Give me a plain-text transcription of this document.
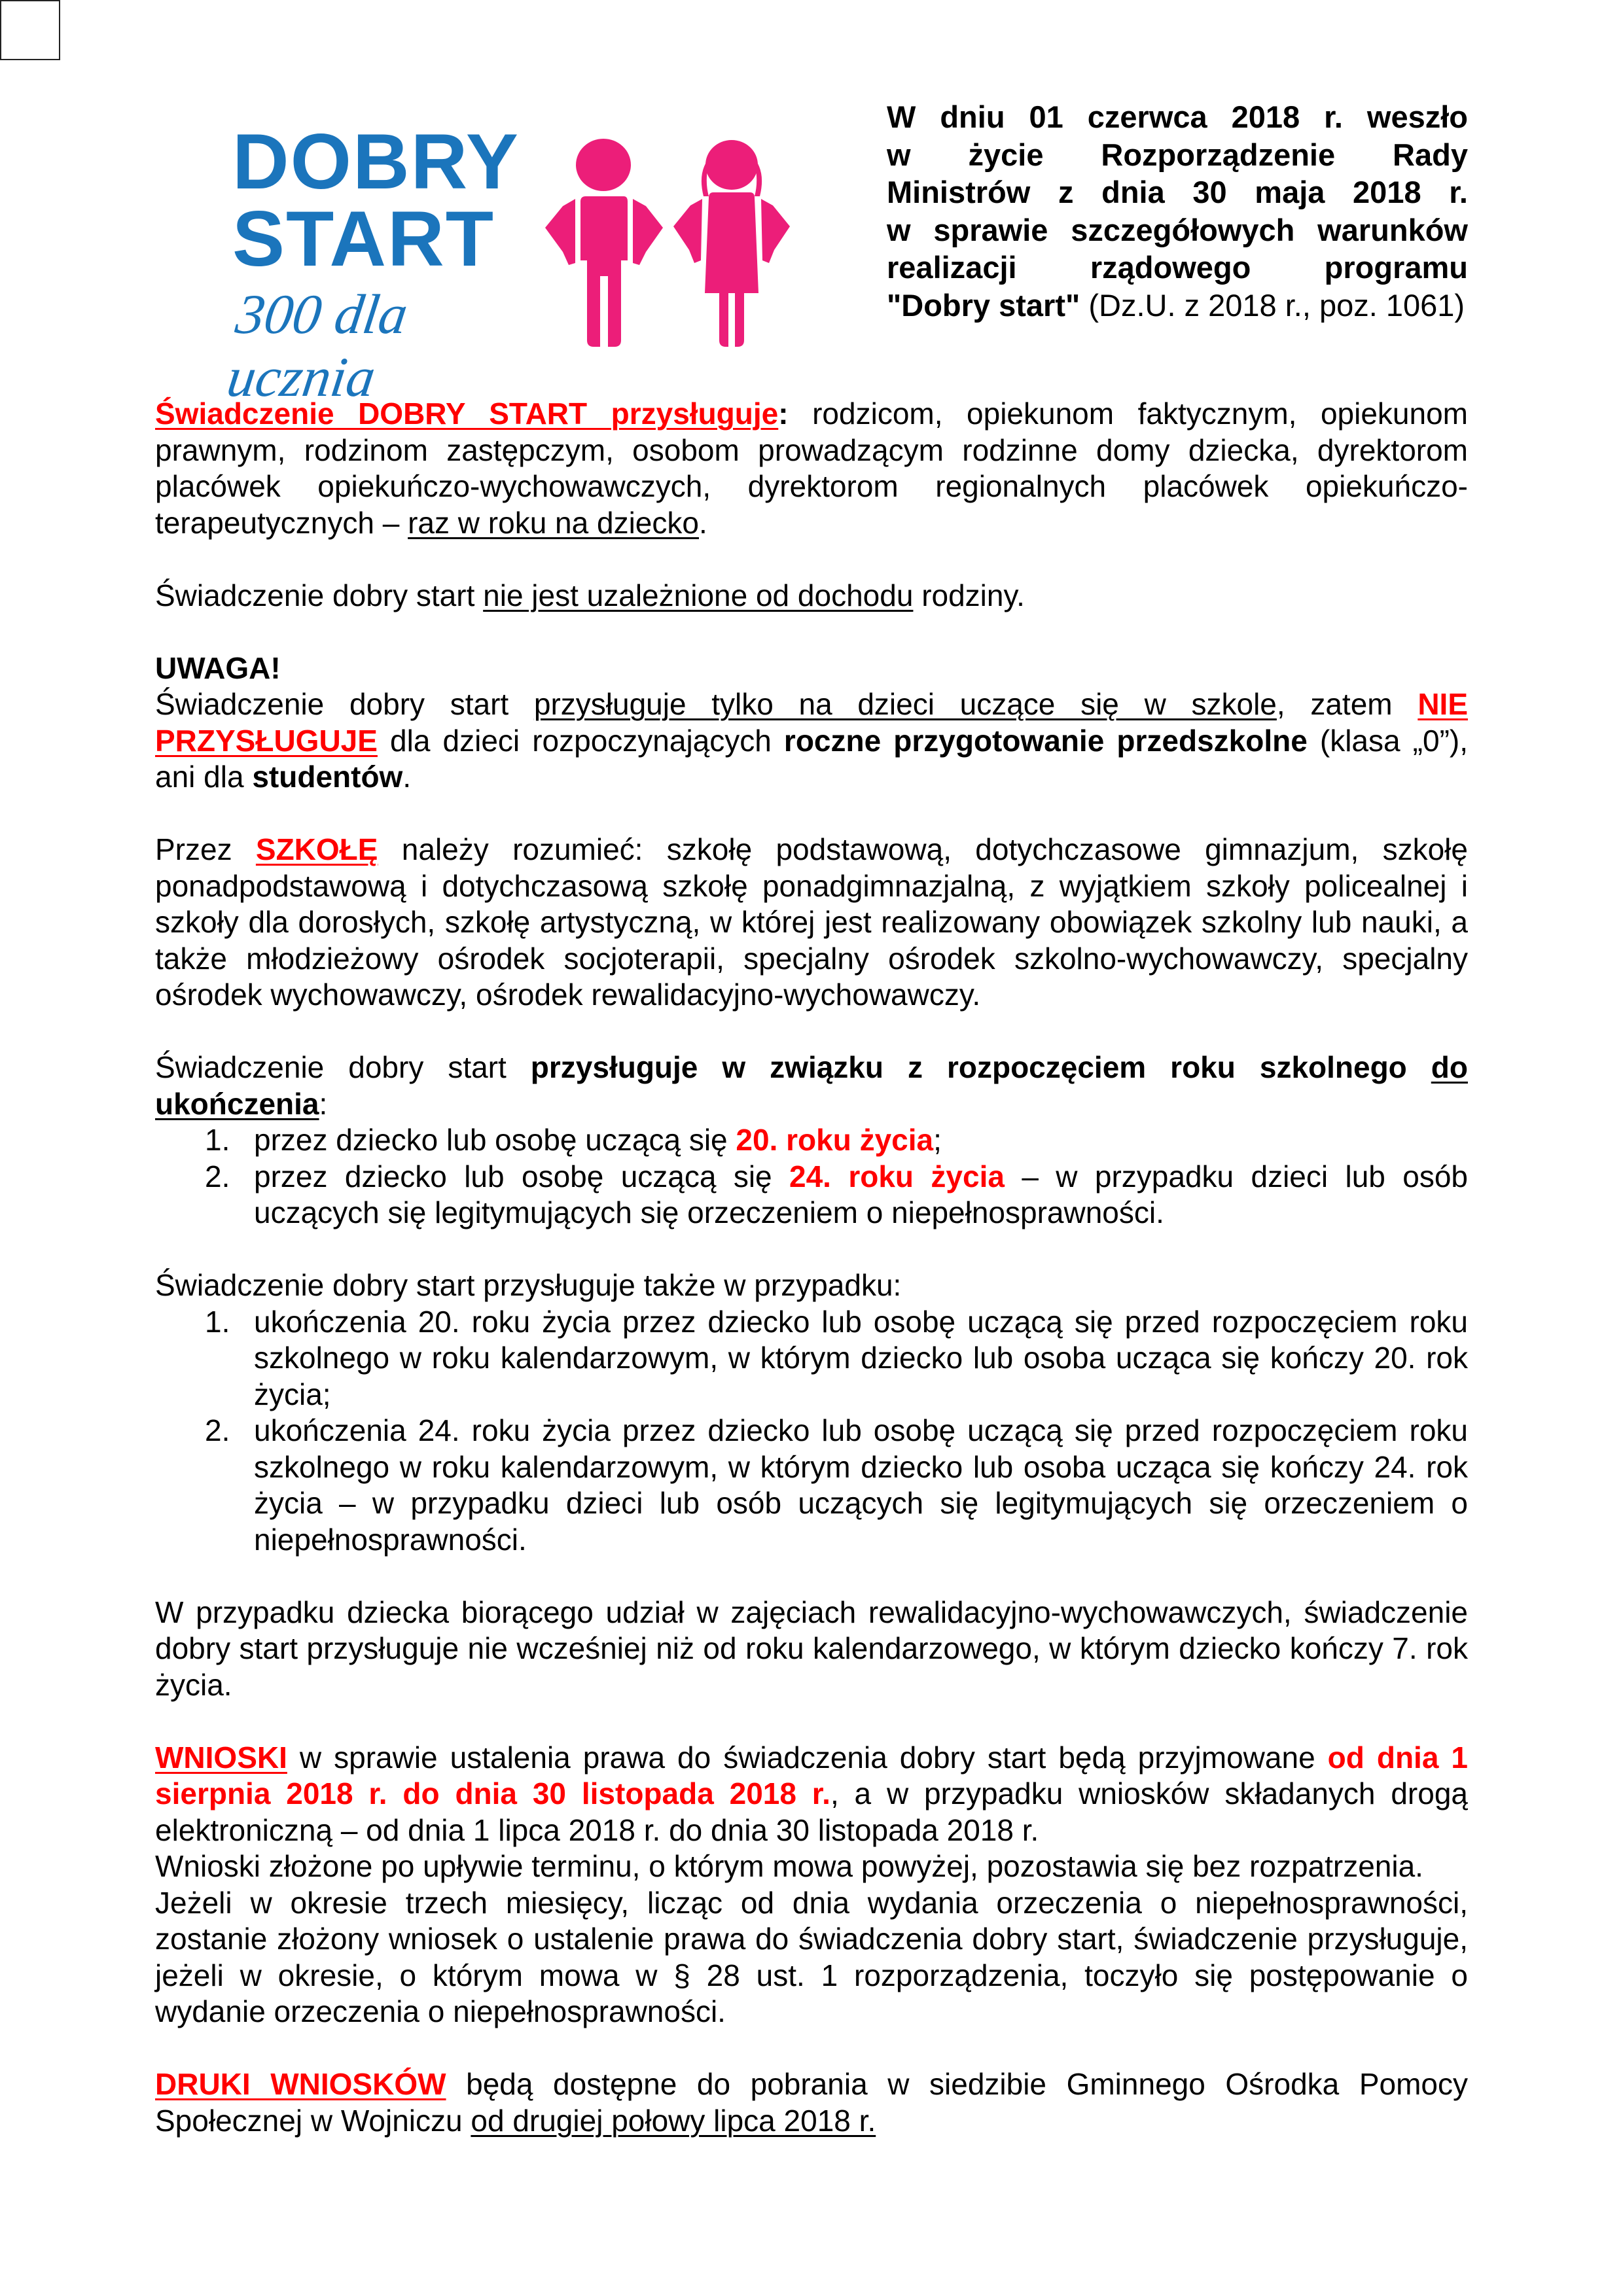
DOBRY
START
300 dla ucznia
W dniu 01 czerwca 2018 r. weszło
w życie Rozporządzenie Rady
Ministrów z dnia 30 maja 2018 r.
w sprawie szczegółowych warunków
realizacji rządowego programu
"Dobry start" (Dz.U. z 2018 r., poz. 1061)

Świadczenie DOBRY START przysługuje: rodzicom, opiekunom faktycznym, opiekunom prawnym, rodzinom zastępczym, osobom prowadzącym rodzinne domy dziecka, dyrektorom placówek opiekuńczo-wychowawczych, dyrektorom regionalnych placówek opiekuńczo-terapeutycznych – raz w roku na dziecko.

Świadczenie dobry start nie jest uzależnione od dochodu rodziny.

UWAGA!
Świadczenie dobry start przysługuje tylko na dzieci uczące się w szkole, zatem NIE PRZYSŁUGUJE dla dzieci rozpoczynających roczne przygotowanie przedszkolne (klasa „0”), ani dla studentów.

Przez SZKOŁĘ należy rozumieć: szkołę podstawową, dotychczasowe gimnazjum, szkołę ponadpodstawową i dotychczasową szkołę ponadgimnazjalną, z wyjątkiem szkoły policealnej i szkoły dla dorosłych, szkołę artystyczną, w której jest realizowany obowiązek szkolny lub nauki, a także młodzieżowy ośrodek socjoterapii, specjalny ośrodek szkolno-wychowawczy, specjalny ośrodek wychowawczy, ośrodek rewalidacyjno-wychowawczy.

Świadczenie dobry start przysługuje w związku z rozpoczęciem roku szkolnego do ukończenia:

1. przez dziecko lub osobę uczącą się 20. roku życia;
2. przez dziecko lub osobę uczącą się 24. roku życia – w przypadku dzieci lub osób uczących się legitymujących się orzeczeniem o niepełnosprawności.

Świadczenie dobry start przysługuje także w przypadku:

1. ukończenia 20. roku życia przez dziecko lub osobę uczącą się przed rozpoczęciem roku szkolnego w roku kalendarzowym, w którym dziecko lub osoba ucząca się kończy 20. rok życia;
2. ukończenia 24. roku życia przez dziecko lub osobę uczącą się przed rozpoczęciem roku szkolnego w roku kalendarzowym, w którym dziecko lub osoba ucząca się kończy 24. rok życia – w przypadku dzieci lub osób uczących się legitymujących się orzeczeniem o niepełnosprawności.

W przypadku dziecka biorącego udział w zajęciach rewalidacyjno-wychowawczych, świadczenie dobry start przysługuje nie wcześniej niż od roku kalendarzowego, w którym dziecko kończy 7. rok życia.

WNIOSKI w sprawie ustalenia prawa do świadczenia dobry start będą przyjmowane od dnia 1 sierpnia 2018 r. do dnia 30 listopada 2018 r., a w przypadku wniosków składanych drogą elektroniczną – od dnia 1 lipca 2018 r. do dnia 30 listopada 2018 r.
Wnioski złożone po upływie terminu, o którym mowa powyżej, pozostawia się bez rozpatrzenia.
Jeżeli w okresie trzech miesięcy, licząc od dnia wydania orzeczenia o niepełnosprawności, zostanie złożony wniosek o ustalenie prawa do świadczenia dobry start, świadczenie przysługuje, jeżeli w okresie, o którym mowa w § 28 ust. 1 rozporządzenia, toczyło się postępowanie o wydanie orzeczenia o niepełnosprawności.

DRUKI WNIOSKÓW będą dostępne do pobrania w siedzibie Gminnego Ośrodka Pomocy Społecznej w Wojniczu od drugiej połowy lipca 2018 r.
